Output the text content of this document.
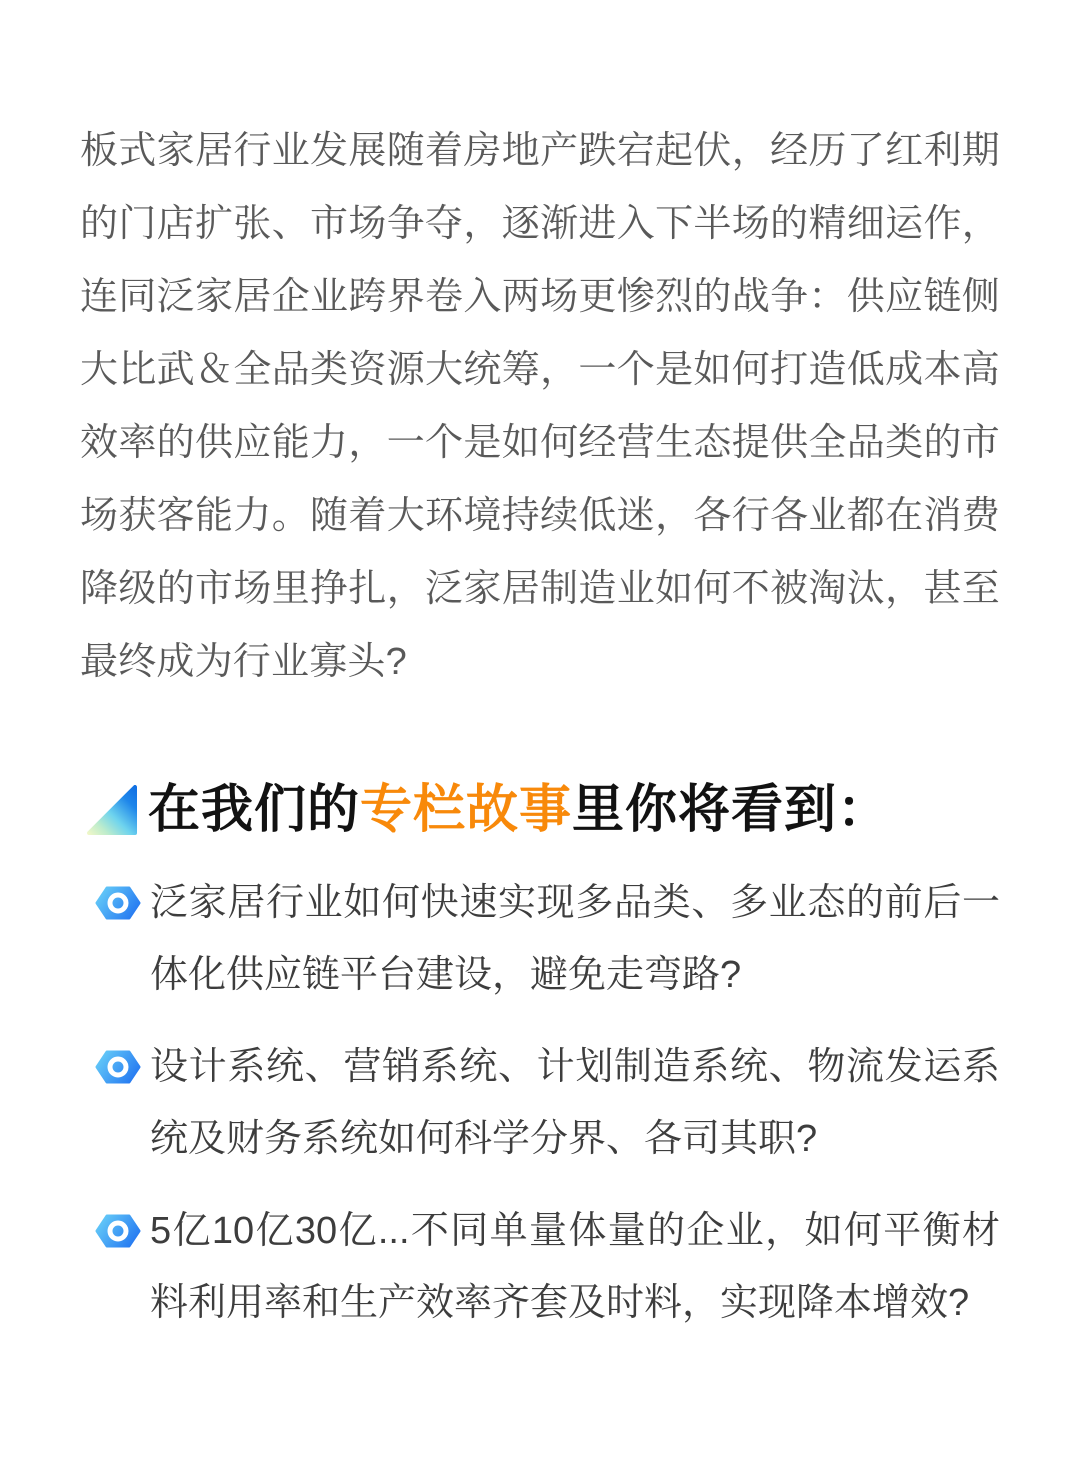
板式家居行业发展随着房地产跌宕起伏，经历了红利期的门店扩张、市场争夺，逐渐进入下半场的精细运作，连同泛家居企业跨界卷入两场更惨烈的战争：供应链侧大比武＆全品类资源大统筹，一个是如何打造低成本高效率的供应能力，一个是如何经营生态提供全品类的市场获客能力。随着大环境持续低迷，各行各业都在消费降级的市场里挣扎，泛家居制造业如何不被淘汰，甚至最终成为行业寡头?

在我们的专栏故事里你将看到：
泛家居行业如何快速实现多品类、多业态的前后一体化供应链平台建设，避免走弯路?
设计系统、营销系统、计划制造系统、物流发运系统及财务系统如何科学分界、各司其职?
5亿10亿30亿...不同单量体量的企业，如何平衡材料利用率和生产效率齐套及时料，实现降本增效?
